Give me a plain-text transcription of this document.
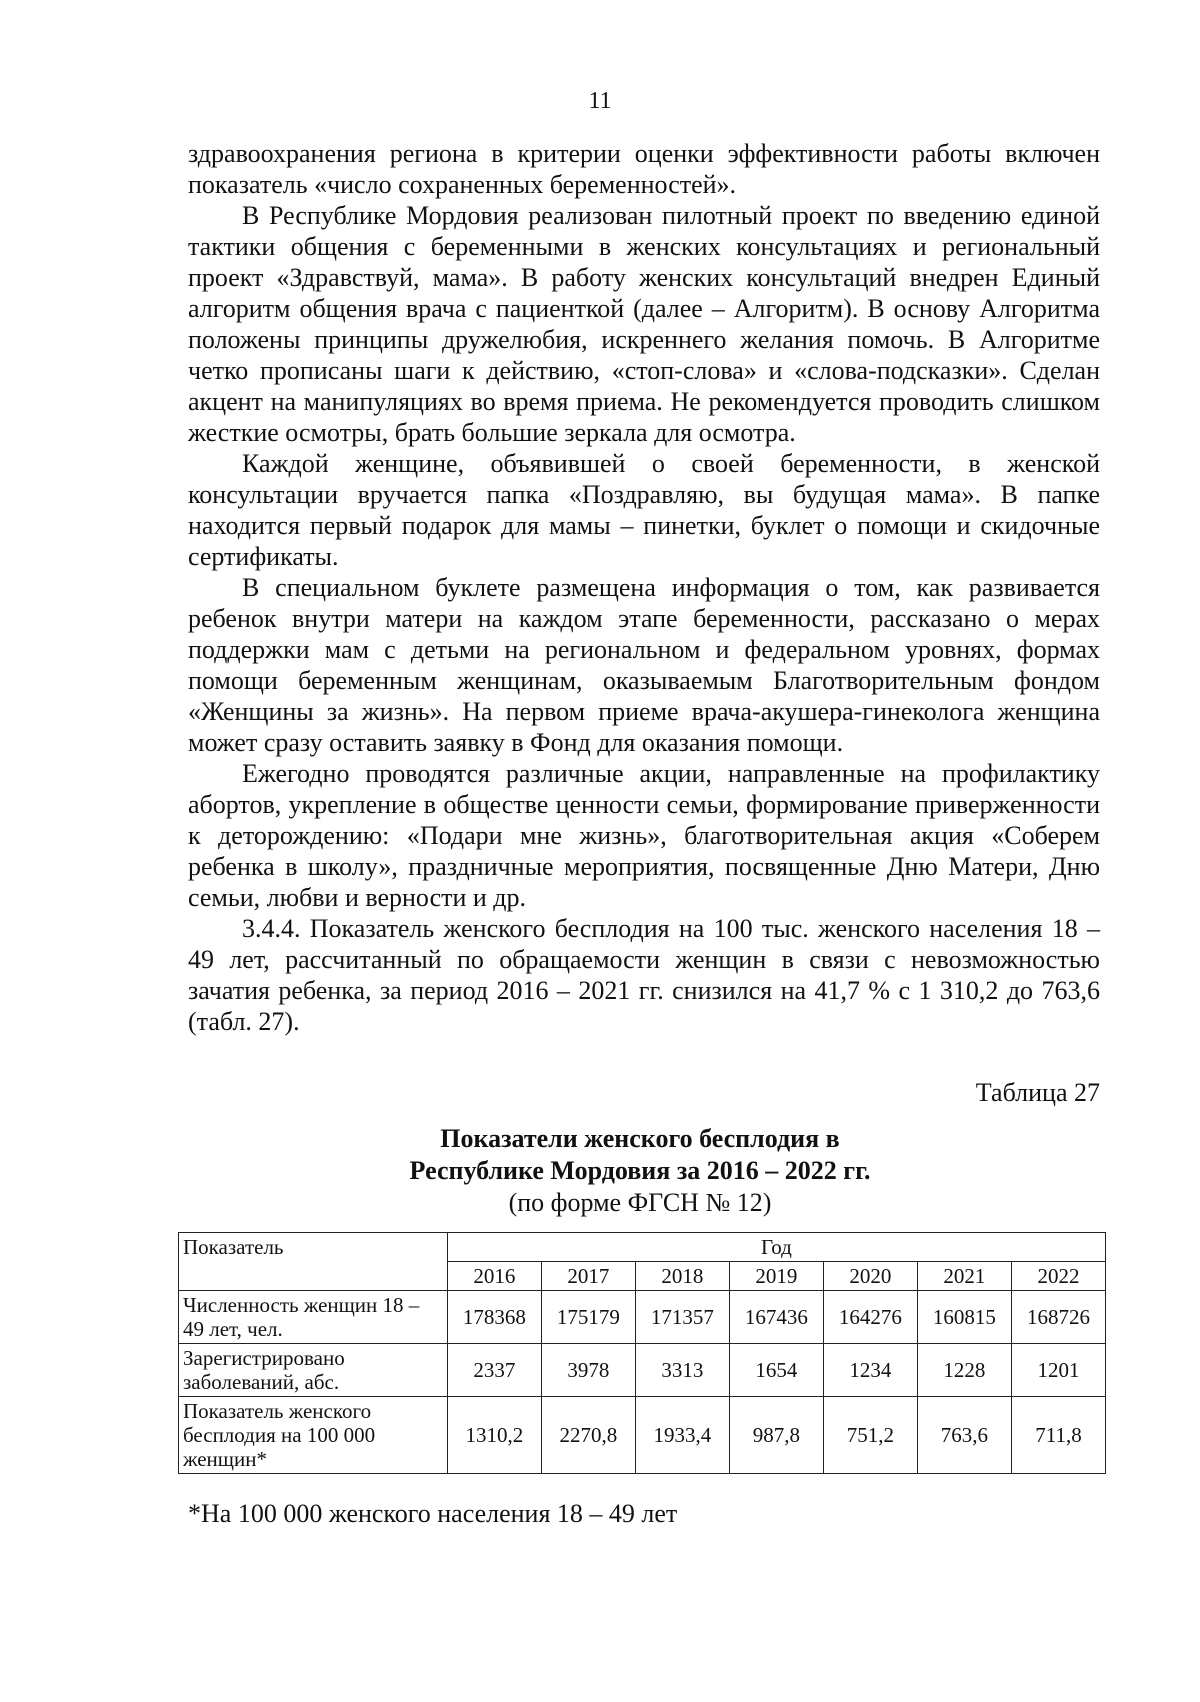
11

здравоохранения региона в критерии оценки эффективности работы включен показатель «число сохраненных беременностей».

В Республике Мордовия реализован пилотный проект по введению единой тактики общения с беременными в женских консультациях и региональный проект «Здравствуй, мама». В работу женских консультаций внедрен Единый алгоритм общения врача с пациенткой (далее – Алгоритм). В основу Алгоритма положены принципы дружелюбия, искреннего желания помочь. В Алгоритме четко прописаны шаги к действию, «стоп-слова» и «слова-подсказки». Сделан акцент на манипуляциях во время приема. Не рекомендуется проводить слишком жесткие осмотры, брать большие зеркала для осмотра.

Каждой женщине, объявившей о своей беременности, в женской консультации вручается папка «Поздравляю, вы будущая мама». В папке находится первый подарок для мамы – пинетки, буклет о помощи и скидочные сертификаты.

В специальном буклете размещена информация о том, как развивается ребенок внутри матери на каждом этапе беременности, рассказано о мерах поддержки мам с детьми на региональном и федеральном уровнях, формах помощи беременным женщинам, оказываемым Благотворительным фондом «Женщины за жизнь». На первом приеме врача-акушера-гинеколога женщина может сразу оставить заявку в Фонд для оказания помощи.

Ежегодно проводятся различные акции, направленные на профилактику абортов, укрепление в обществе ценности семьи, формирование приверженности к деторождению: «Подари мне жизнь», благотворительная акция «Соберем ребенка в школу», праздничные мероприятия, посвященные Дню Матери, Дню семьи, любви и верности и др.

3.4.4. Показатель женского бесплодия на 100 тыс. женского населения 18 – 49 лет, рассчитанный по обращаемости женщин в связи с невозможностью зачатия ребенка, за период 2016 – 2021 гг. снизился на 41,7 % с 1 310,2 до 763,6 (табл. 27).

Таблица 27
Показатели женского бесплодия в
Республике Мордовия за 2016 – 2022 гг.
(по форме ФГСН № 12)
Показатель	Год						
	2016	2017	2018	2019	2020	2021	2022
Численность женщин 18 – 49 лет, чел.	178368	175179	171357	167436	164276	160815	168726
Зарегистрировано заболеваний, абс.	2337	3978	3313	1654	1234	1228	1201
Показатель женского бесплодия на 100 000 женщин*	1310,2	2270,8	1933,4	987,8	751,2	763,6	711,8
*На 100 000 женского населения 18 – 49 лет
